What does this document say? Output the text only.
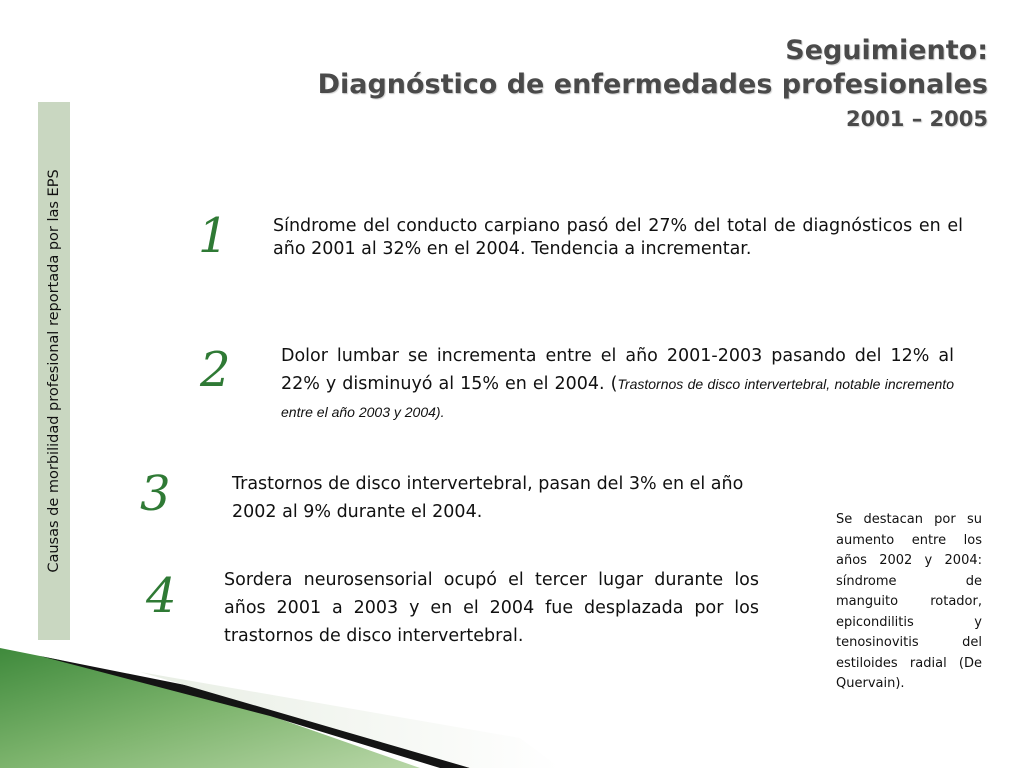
Seguimiento:
Diagnóstico de enfermedades profesionales
2001 – 2005
Causas de morbilidad profesional reportada por las EPS	1	Síndrome del conducto carpiano pasó del 27% del total de diagnósticos en el año 2001 al 32% en el 2004. Tendencia a incrementar.
2	Dolor lumbar se incrementa entre el año 2001-2003 pasando del 12% al 22% y disminuyó al 15% en el 2004. (Trastornos de disco intervertebral, notable incremento entre el año 2003 y 2004).
3	Trastornos de disco intervertebral, pasan del 3% en el año 2002 al 9% durante el 2004.
4	Sordera neurosensorial ocupó el tercer lugar durante los años 2001 a 2003 y en el 2004 fue desplazada por los trastornos de disco intervertebral.
Se destacan por su aumento entre los años 2002 y 2004: síndrome de manguito rotador, epicondilitis y tenosinovitis del estiloides radial (De Quervain).
